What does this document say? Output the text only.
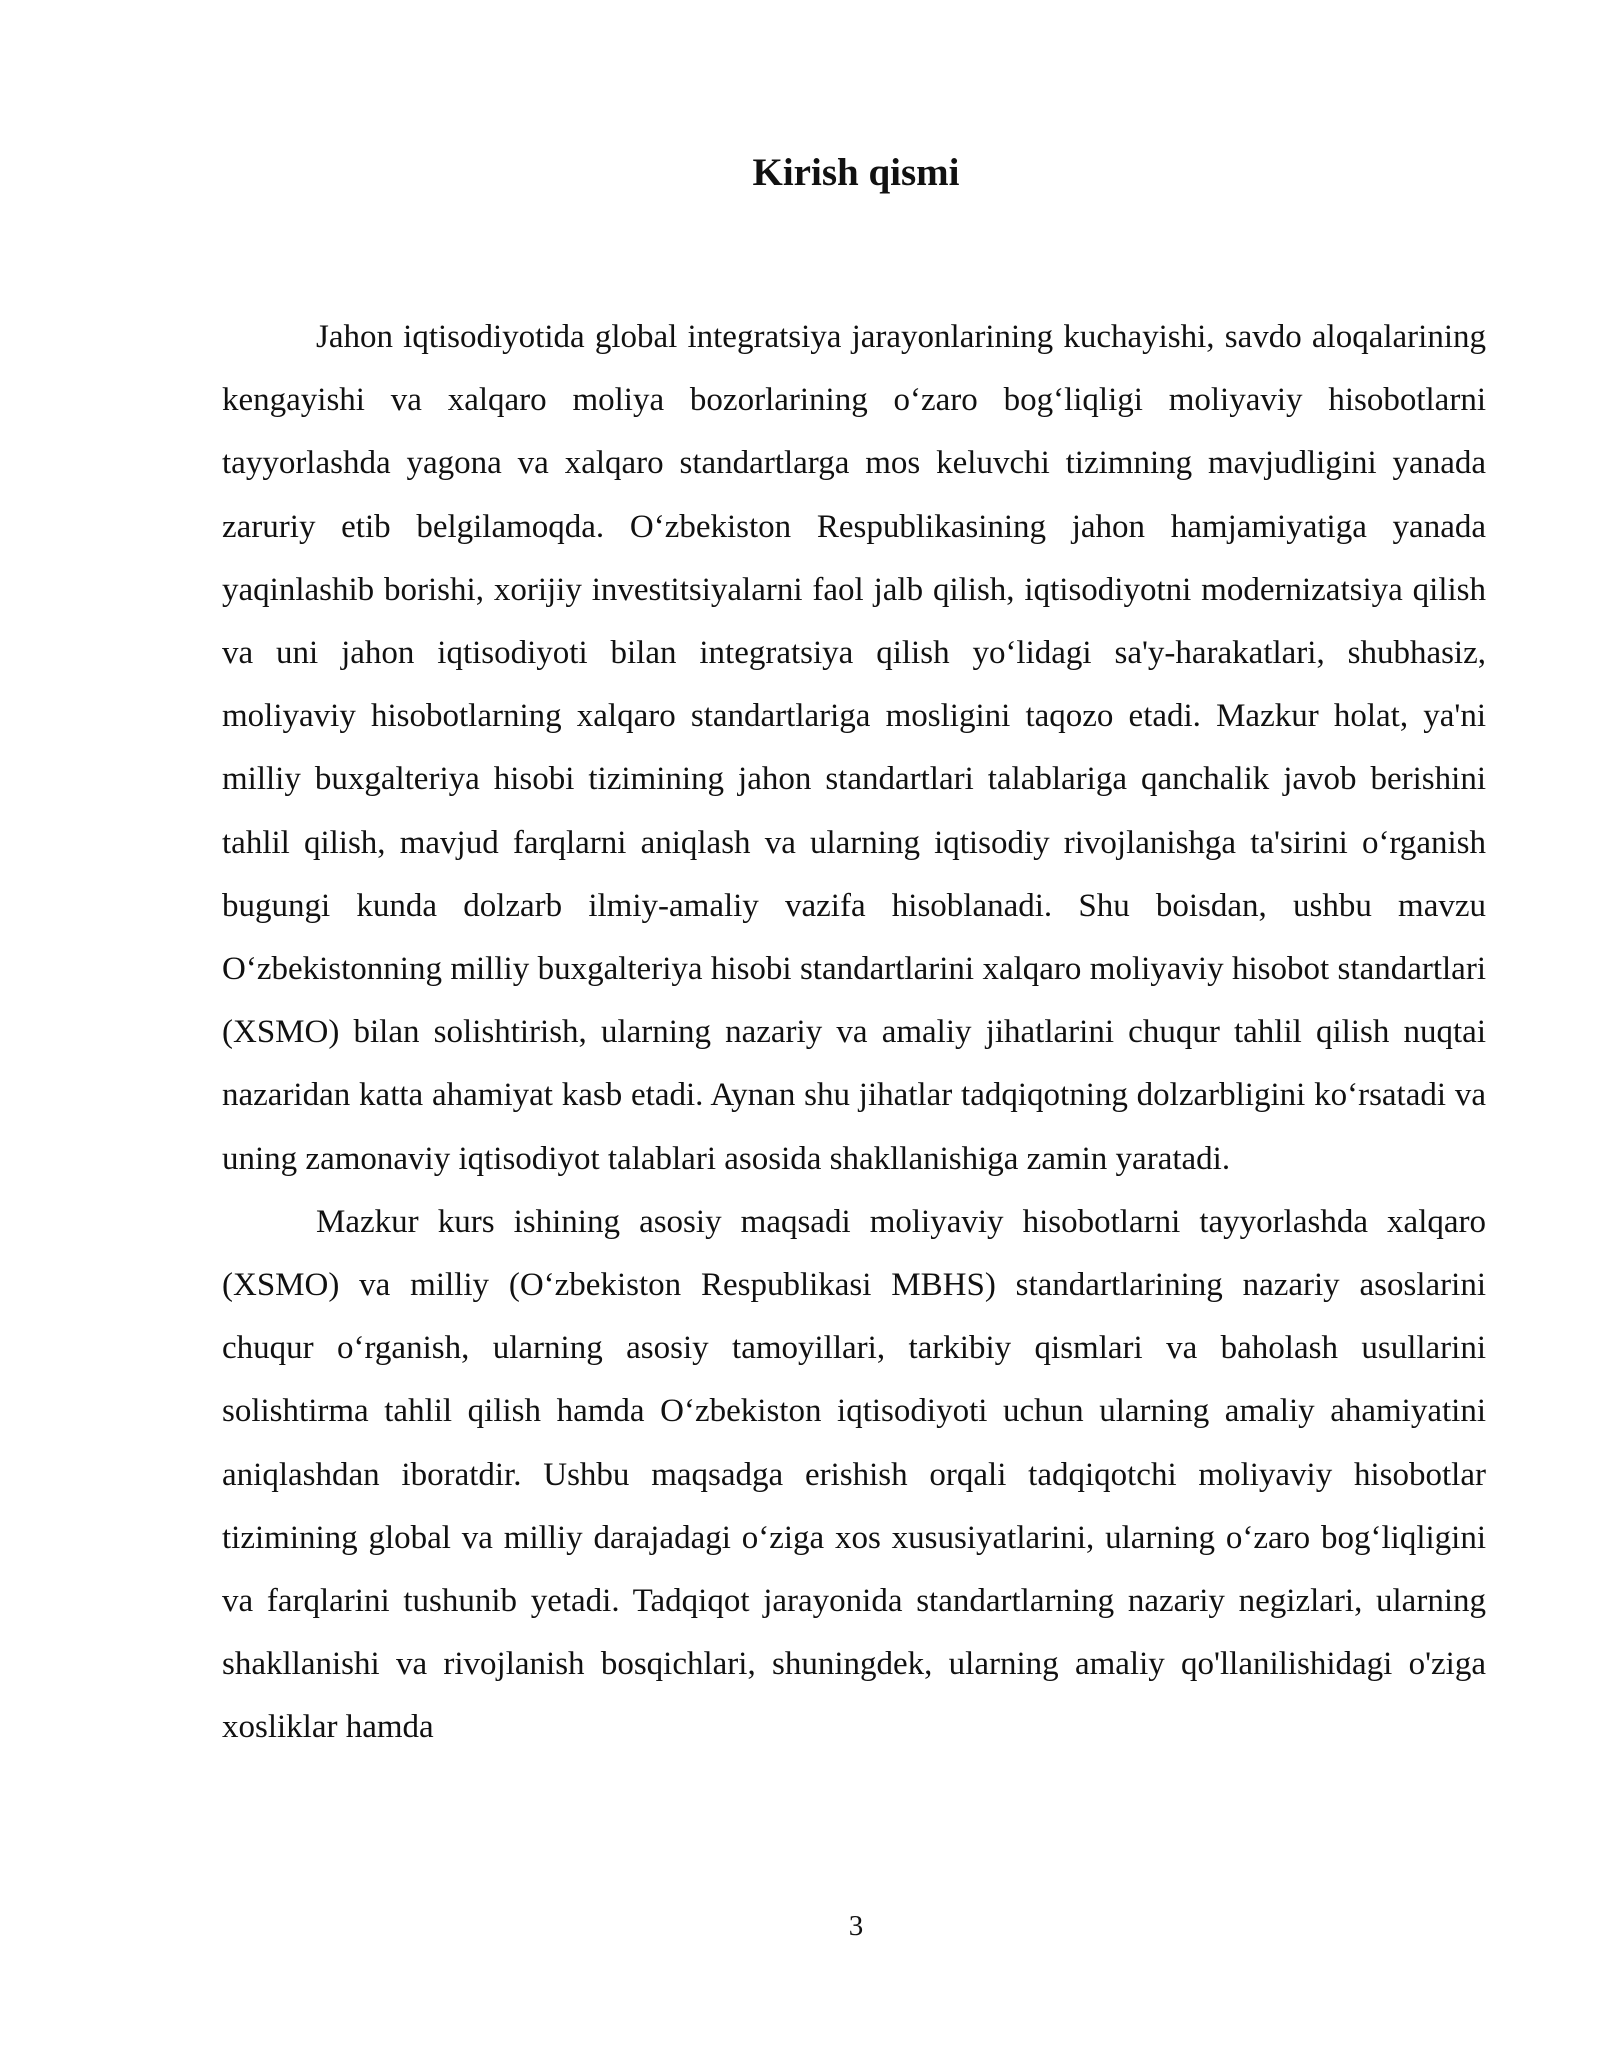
Kirish qismi

Jahon iqtisodiyotida global integratsiya jarayonlarining kuchayishi, savdo aloqalarining kengayishi va xalqaro moliya bozorlarining o‘zaro bog‘liqligi moliyaviy hisobotlarni tayyorlashda yagona va xalqaro standartlarga mos keluvchi tizimning mavjudligini yanada zaruriy etib belgilamoqda. O‘zbekiston Respublikasining jahon hamjamiyatiga yanada yaqinlashib borishi, xorijiy investitsiyalarni faol jalb qilish, iqtisodiyotni modernizatsiya qilish va uni jahon iqtisodiyoti bilan integratsiya qilish yo‘lidagi sa'y-harakatlari, shubhasiz, moliyaviy hisobotlarning xalqaro standartlariga mosligini taqozo etadi. Mazkur holat, ya'ni milliy buxgalteriya hisobi tizimining jahon standartlari talablariga qanchalik javob berishini tahlil qilish, mavjud farqlarni aniqlash va ularning iqtisodiy rivojlanishga ta'sirini o‘rganish bugungi kunda dolzarb ilmiy-amaliy vazifa hisoblanadi. Shu boisdan, ushbu mavzu O‘zbekistonning milliy buxgalteriya hisobi standartlarini xalqaro moliyaviy hisobot standartlari (XSMO) bilan solishtirish, ularning nazariy va amaliy jihatlarini chuqur tahlil qilish nuqtai nazaridan katta ahamiyat kasb etadi. Aynan shu jihatlar tadqiqotning dolzarbligini ko‘rsatadi va uning zamonaviy iqtisodiyot talablari asosida shakllanishiga zamin yaratadi.

Mazkur kurs ishining asosiy maqsadi moliyaviy hisobotlarni tayyorlashda xalqaro (XSMO) va milliy (O‘zbekiston Respublikasi MBHS) standartlarining nazariy asoslarini chuqur o‘rganish, ularning asosiy tamoyillari, tarkibiy qismlari va baholash usullarini solishtirma tahlil qilish hamda O‘zbekiston iqtisodiyoti uchun ularning amaliy ahamiyatini aniqlashdan iboratdir. Ushbu maqsadga erishish orqali tadqiqotchi moliyaviy hisobotlar tizimining global va milliy darajadagi o‘ziga xos xususiyatlarini, ularning o‘zaro bog‘liqligini va farqlarini tushunib yetadi. Tadqiqot jarayonida standartlarning nazariy negizlari, ularning shakllanishi va rivojlanish bosqichlari, shuningdek, ularning amaliy qo'llanilishidagi o'ziga xosliklar hamda

3
